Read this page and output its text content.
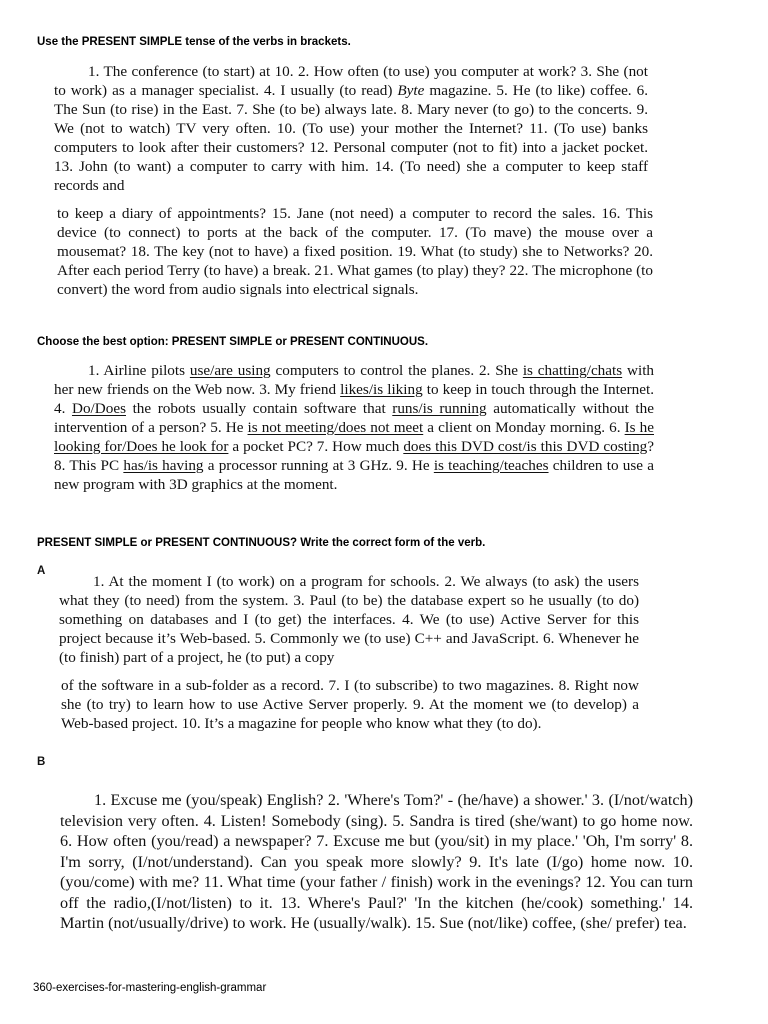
Use the PRESENT SIMPLE tense of the verbs in brackets.

1. The conference (to start) at 10. 2. How often (to use) you computer at work? 3. She (not to work) as a manager specialist. 4. I usually (to read) Byte magazine. 5. He (to like) coffee. 6. The Sun (to rise) in the East. 7. She (to be) always late. 8. Mary never (to go) to the concerts. 9. We (not to watch) TV very often. 10. (To use) your mother the Internet? 11. (To use) banks computers to look after their customers? 12. Personal computer (not to fit) into a jacket pocket. 13. John (to want) a computer to carry with him. 14. (To need) she a computer to keep staff records and

to keep a diary of appointments? 15. Jane (not need) a computer to record the sales. 16. This device (to connect) to ports at the back of the computer. 17. (To mave) the mouse over a mousemat? 18. The key (not to have) a fixed position. 19. What (to study) she to Networks? 20. After each period Terry (to have) a break. 21. What games (to play) they? 22. The microphone (to convert) the word from audio signals into electrical signals.

Choose the best option: PRESENT SIMPLE or PRESENT CONTINUOUS.

1. Airline pilots use/are using computers to control the planes. 2. She is chatting/chats with her new friends on the Web now. 3. My friend likes/is liking to keep in touch through the Internet. 4. Do/Does the robots usually contain software that runs/is running automatically without the intervention of a person? 5. He is not meeting/does not meet a client on Monday morning. 6. Is he looking for/Does he look for a pocket PC? 7. How much does this DVD cost/is this DVD costing? 8. This PC has/is having a processor running at 3 GHz. 9. He is teaching/teaches children to use a new program with 3D graphics at the moment.

PRESENT SIMPLE or PRESENT CONTINUOUS? Write the correct form of the verb.
A

1. At the moment I (to work) on a program for schools. 2. We always (to ask) the users what they (to need) from the system. 3. Paul (to be) the database expert so he usually (to do) something on databases and I (to get) the interfaces. 4. We (to use) Active Server for this project because it’s Web-based. 5. Commonly we (to use) C++ and JavaScript. 6. Whenever he (to finish) part of a project, he (to put) a copy

of the software in a sub-folder as a record. 7. I (to subscribe) to two magazines. 8. Right now she (to try) to learn how to use Active Server properly. 9. At the moment we (to develop) a Web-based project. 10. It’s a magazine for people who know what they (to do).

B

1. Excuse me (you/speak) English? 2. 'Where's Tom?' - (he/have) a shower.' 3. (I/not/watch) television very often. 4. Listen! Somebody (sing). 5. Sandra is tired (she/want) to go home now. 6. How often (you/read) a newspaper? 7. Excuse me but (you/sit) in my place.' 'Oh, I'm sorry' 8. I'm sorry, (I/not/understand). Can you speak more slowly? 9. It's late (I/go) home now. 10.(you/come) with me? 11. What time (your father / finish) work in the evenings? 12. You can turn off the radio,(I/not/listen) to it. 13. Where's Paul?' 'In the kitchen (he/cook) something.' 14. Martin (not/usually/drive) to work. He (usually/walk). 15. Sue (not/like) coffee, (she/ prefer) tea.

360-exercises-for-mastering-english-grammar
